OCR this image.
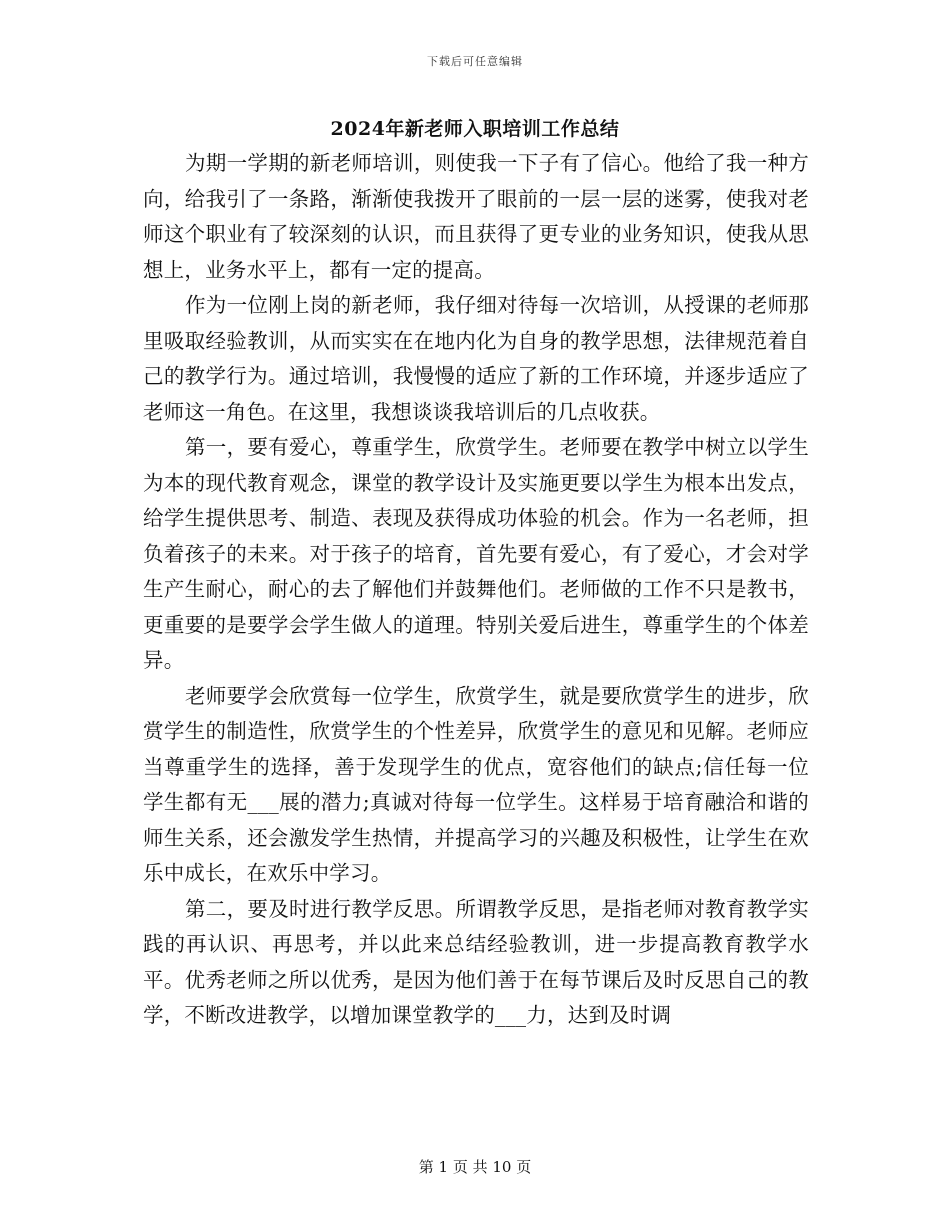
下载后可任意编辑
2024年新老师入职培训工作总结

为期一学期的新老师培训，则使我一下子有了信心。他给了我一种方向，给我引了一条路，渐渐使我拨开了眼前的一层一层的迷雾，使我对老师这个职业有了较深刻的认识，而且获得了更专业的业务知识，使我从思想上，业务水平上，都有一定的提高。

作为一位刚上岗的新老师，我仔细对待每一次培训，从授课的老师那里吸取经验教训，从而实实在在地内化为自身的教学思想，法律规范着自己的教学行为。通过培训，我慢慢的适应了新的工作环境，并逐步适应了老师这一角色。在这里，我想谈谈我培训后的几点收获。

第一，要有爱心，尊重学生，欣赏学生。老师要在教学中树立以学生为本的现代教育观念，课堂的教学设计及实施更要以学生为根本出发点，给学生提供思考、制造、表现及获得成功体验的机会。作为一名老师，担负着孩子的未来。对于孩子的培育，首先要有爱心，有了爱心，才会对学生产生耐心，耐心的去了解他们并鼓舞他们。老师做的工作不只是教书，更重要的是要学会学生做人的道理。特别关爱后进生，尊重学生的个体差异。

老师要学会欣赏每一位学生，欣赏学生，就是要欣赏学生的进步，欣赏学生的制造性，欣赏学生的个性差异，欣赏学生的意见和见解。老师应当尊重学生的选择，善于发现学生的优点，宽容他们的缺点;信任每一位学生都有无___展的潜力;真诚对待每一位学生。这样易于培育融洽和谐的师生关系，还会激发学生热情，并提高学习的兴趣及积极性，让学生在欢乐中成长，在欢乐中学习。

第二，要及时进行教学反思。所谓教学反思，是指老师对教育教学实践的再认识、再思考，并以此来总结经验教训，进一步提高教育教学水平。优秀老师之所以优秀，是因为他们善于在每节课后及时反思自己的教学，不断改进教学，以增加课堂教学的___力，达到及时调

第 1 页 共 10 页
